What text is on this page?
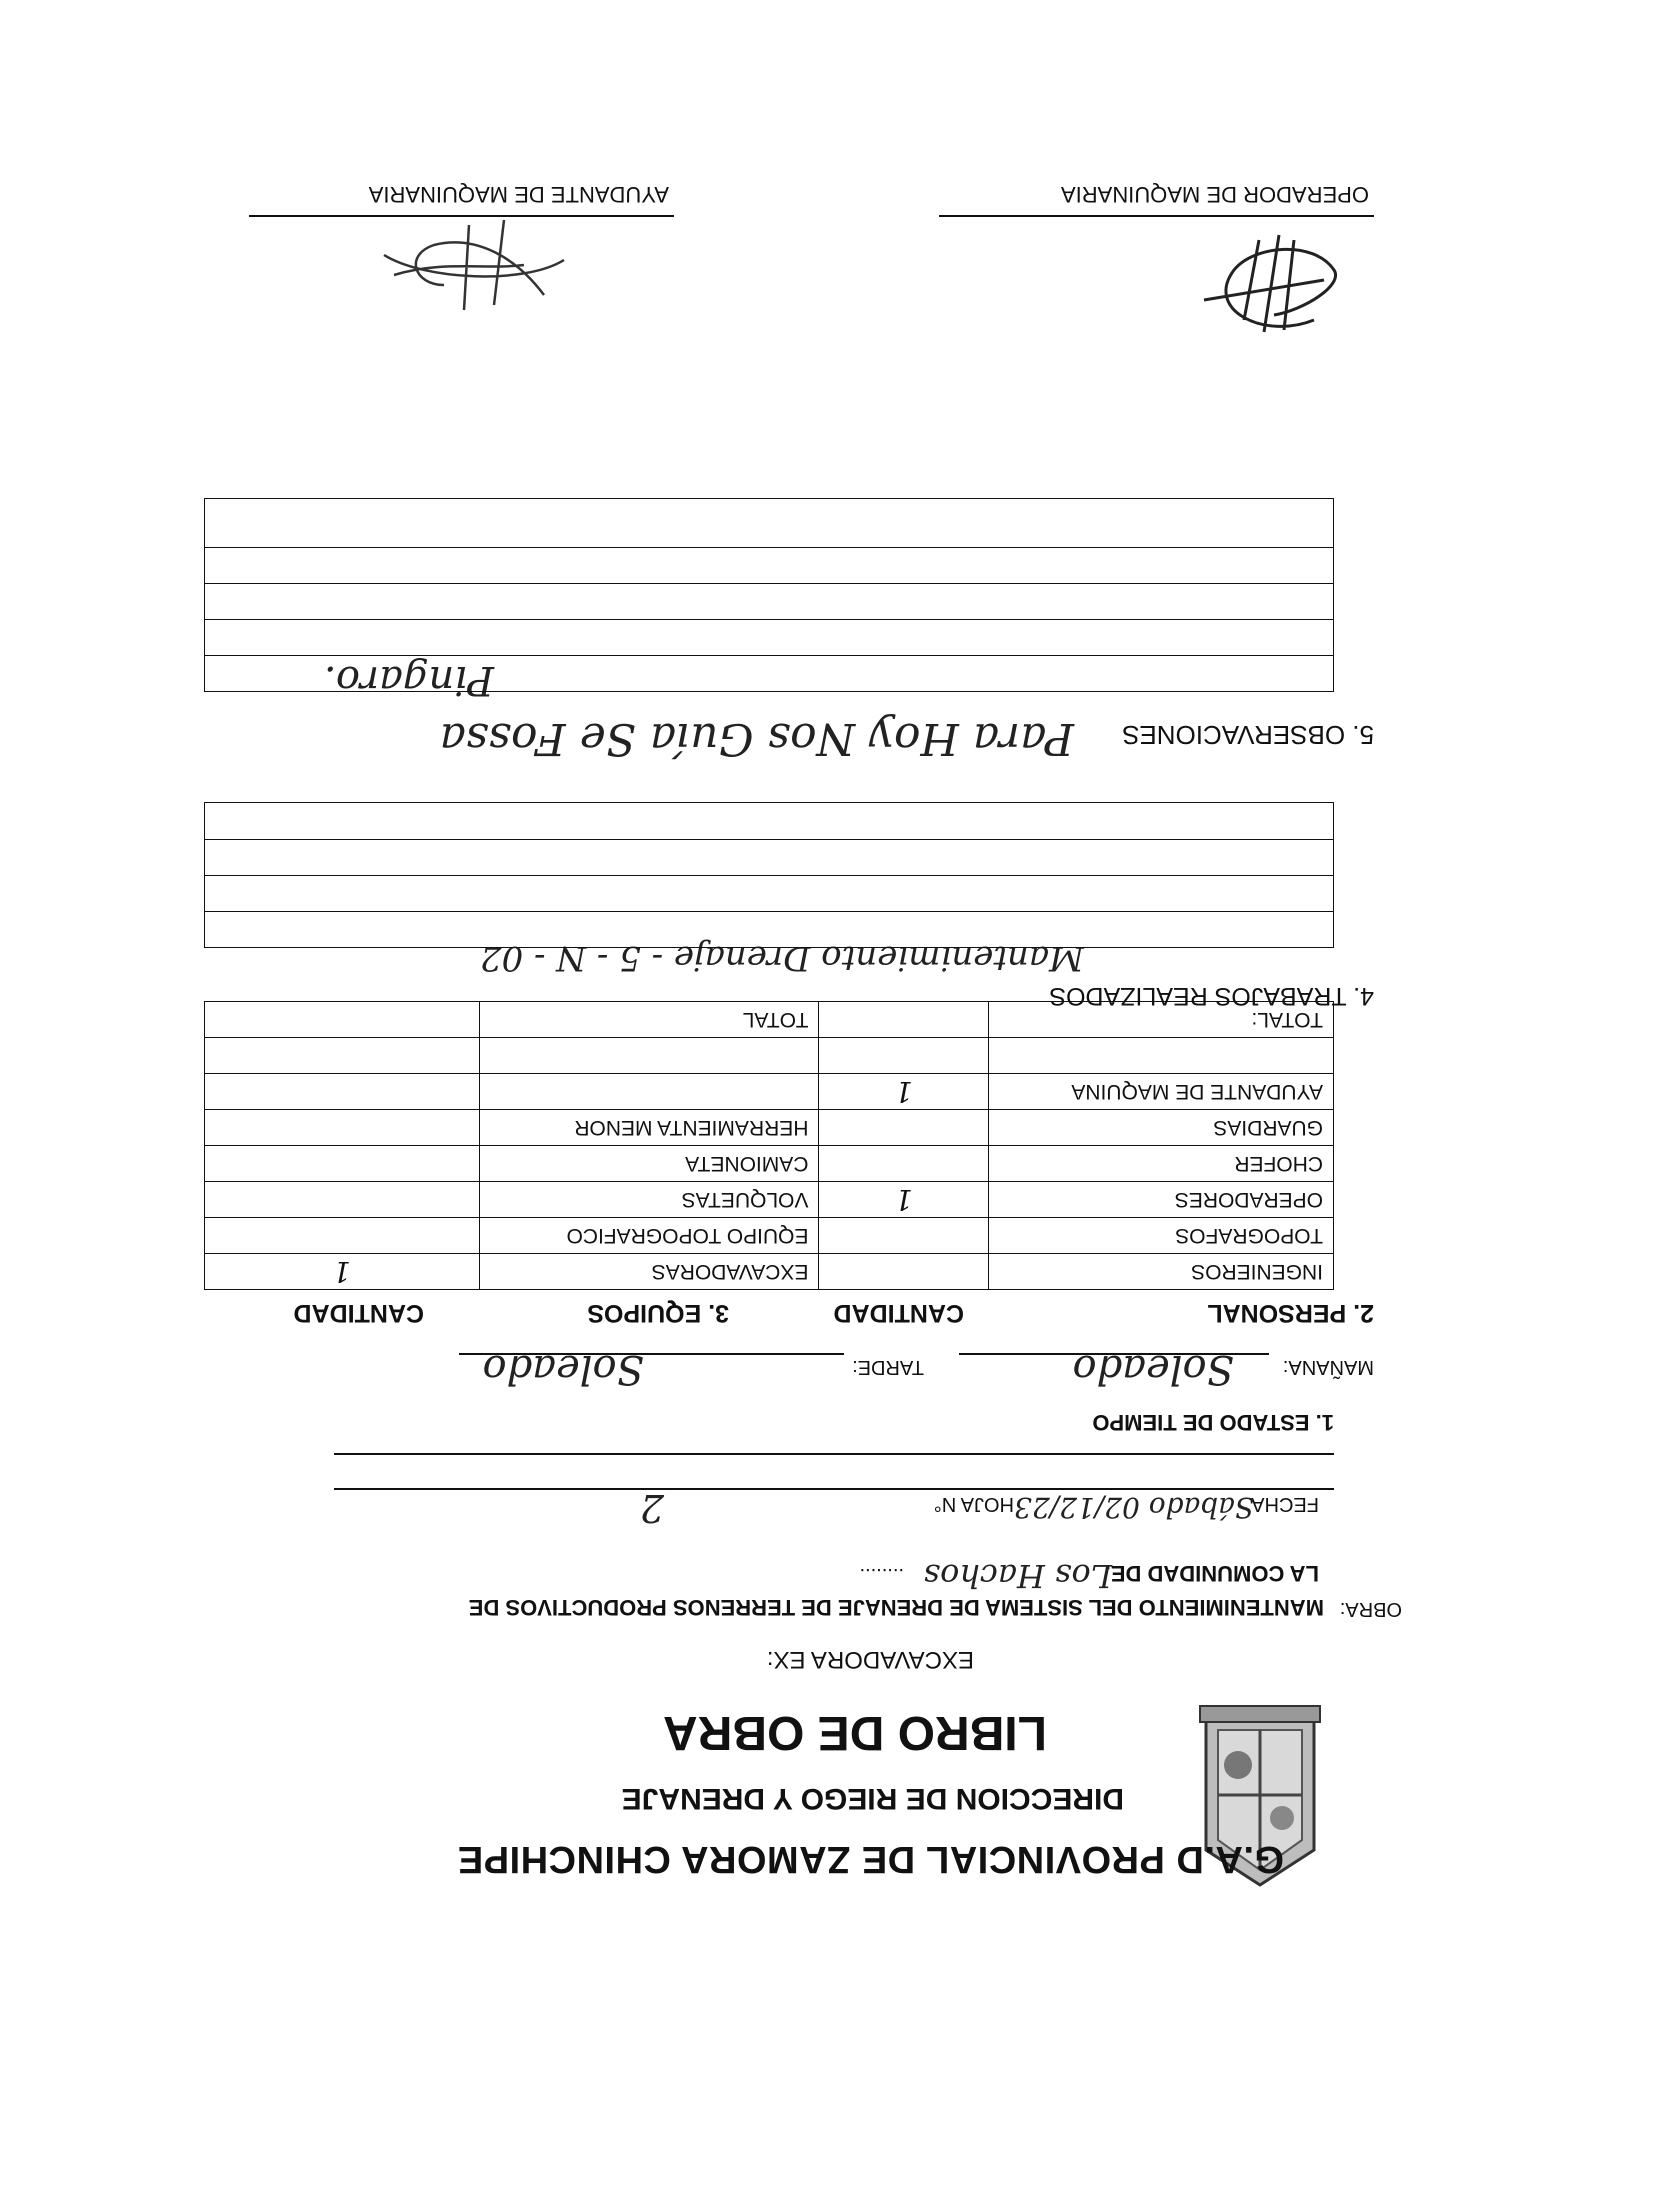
G.A.D PROVINCIAL DE ZAMORA CHINCHIPE
DIRECCION DE RIEGO Y DRENAJE
LIBRO DE OBRA
EXCAVADORA EX:
OBRA:
MANTENIMIENTO DEL SISTEMA DE DRENAJE DE TERRENOS PRODUCTIVOS DE
LA COMUNIDAD DE.
Los Hachos
........
FECHA
Sábado 02/12/23
HOJA N°
2
1. ESTADO DE TIEMPO
MAÑANA:
Soleado
TARDE:
Soleado
2. PERSONAL
CANTIDAD
3. EQUIPOS
CANTIDAD
INGENIEROS		EXCAVADORAS	1
TOPOGRAFOS		EQUIPO TOPOGRAFICO	
OPERADORES	1	VOLQUETAS	
CHOFER		CAMIONETA	
GUARDIAS		HERRAMIENTA MENOR	
AYUDANTE DE MAQUINA	1		

TOTAL:		TOTAL	
4. TRABAJOS REALIZADOS
Mantenimiento Drenaje - 5 - N - 02
5. OBSERVACIONES
Para Hoy Nos Guía Se Fossa
Pingaro.
OPERADOR DE MAQUINARIA
AYUDANTE DE MAQUINARIA
